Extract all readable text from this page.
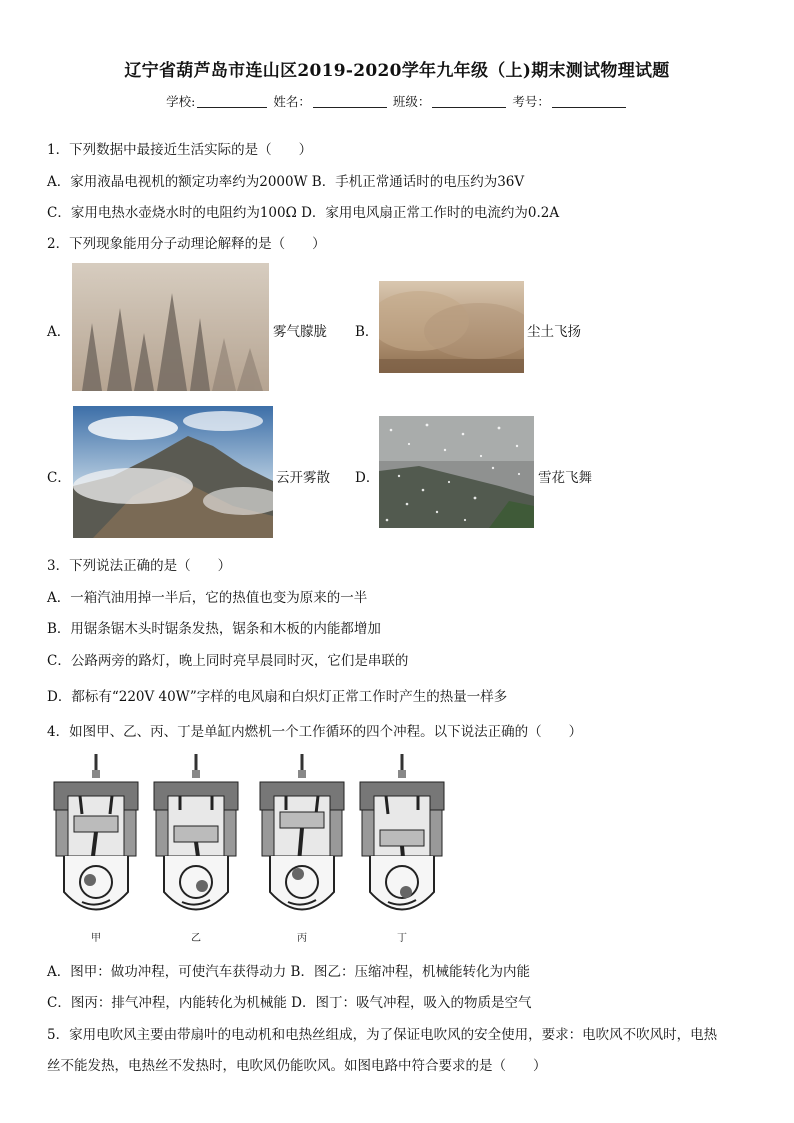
辽宁省葫芦岛市连山区2019-2020学年九年级（上)期末测试物理试题
学校:	姓名：	班级：	考号：
1．下列数据中最接近生活实际的是（　　）
A．家用液晶电视机的额定功率约为2000W B．手机正常通话时的电压约为36V
C．家用电热水壶烧水时的电阻约为100Ω D．家用电风扇正常工作时的电流约为0.2A
2．下列现象能用分子动理论解释的是（　　）
A．	雾气朦胧 B．	尘土飞扬
C．	云开雾散 D．	雪花飞舞
3．下列说法正确的是（　　）
A．一箱汽油用掉一半后，它的热值也变为原来的一半
B．用锯条锯木头时锯条发热，锯条和木板的内能都增加
C．公路两旁的路灯，晚上同时亮早晨同时灭，它们是串联的
D．都标有“220V 40W”字样的电风扇和白炽灯正常工作时产生的热量一样多
4．如图甲、乙、丙、丁是单缸内燃机一个工作循环的四个冲程。以下说法正确的（　　）
甲	乙	丙	丁
A．图甲：做功冲程，可使汽车获得动力 B．图乙：压缩冲程，机械能转化为内能
C．图丙：排气冲程，内能转化为机械能 D．图丁：吸气冲程，吸入的物质是空气
5．家用电吹风主要由带扇叶的电动机和电热丝组成，为了保证电吹风的安全使用，要求：电吹风不吹风时，电热
丝不能发热，电热丝不发热时，电吹风仍能吹风。如图电路中符合要求的是（　　）
